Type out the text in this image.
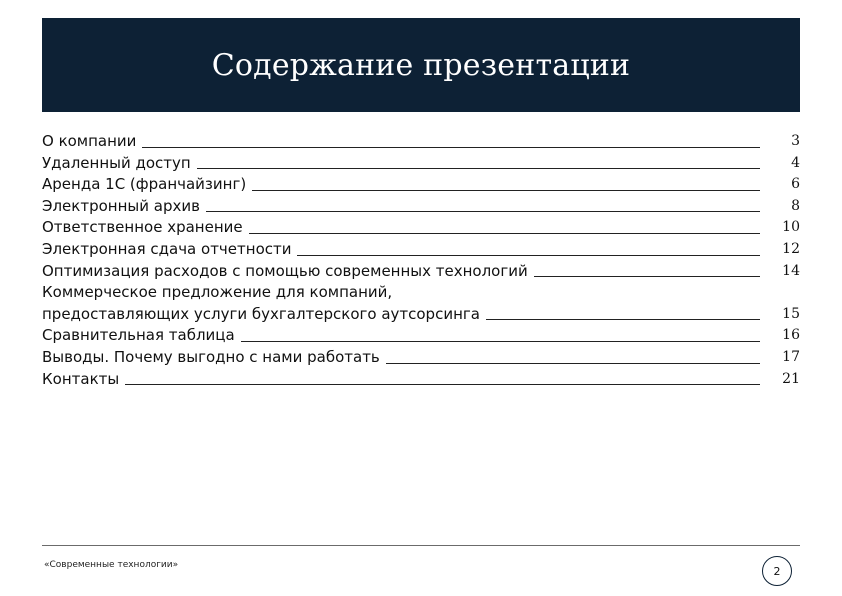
Содержание презентации
О компании	3
Удаленный доступ	4
Аренда 1С (франчайзинг)	6
Электронный архив	8
Ответственное хранение	10
Электронная сдача отчетности	12
Оптимизация расходов с помощью современных технологий	14
Коммерческое предложение для компаний,
предоставляющих услуги бухгалтерского аутсорсинга	15
Сравнительная таблица	16
Выводы. Почему выгодно с нами работать	17
Контакты	21
«Современные технологии»	2
